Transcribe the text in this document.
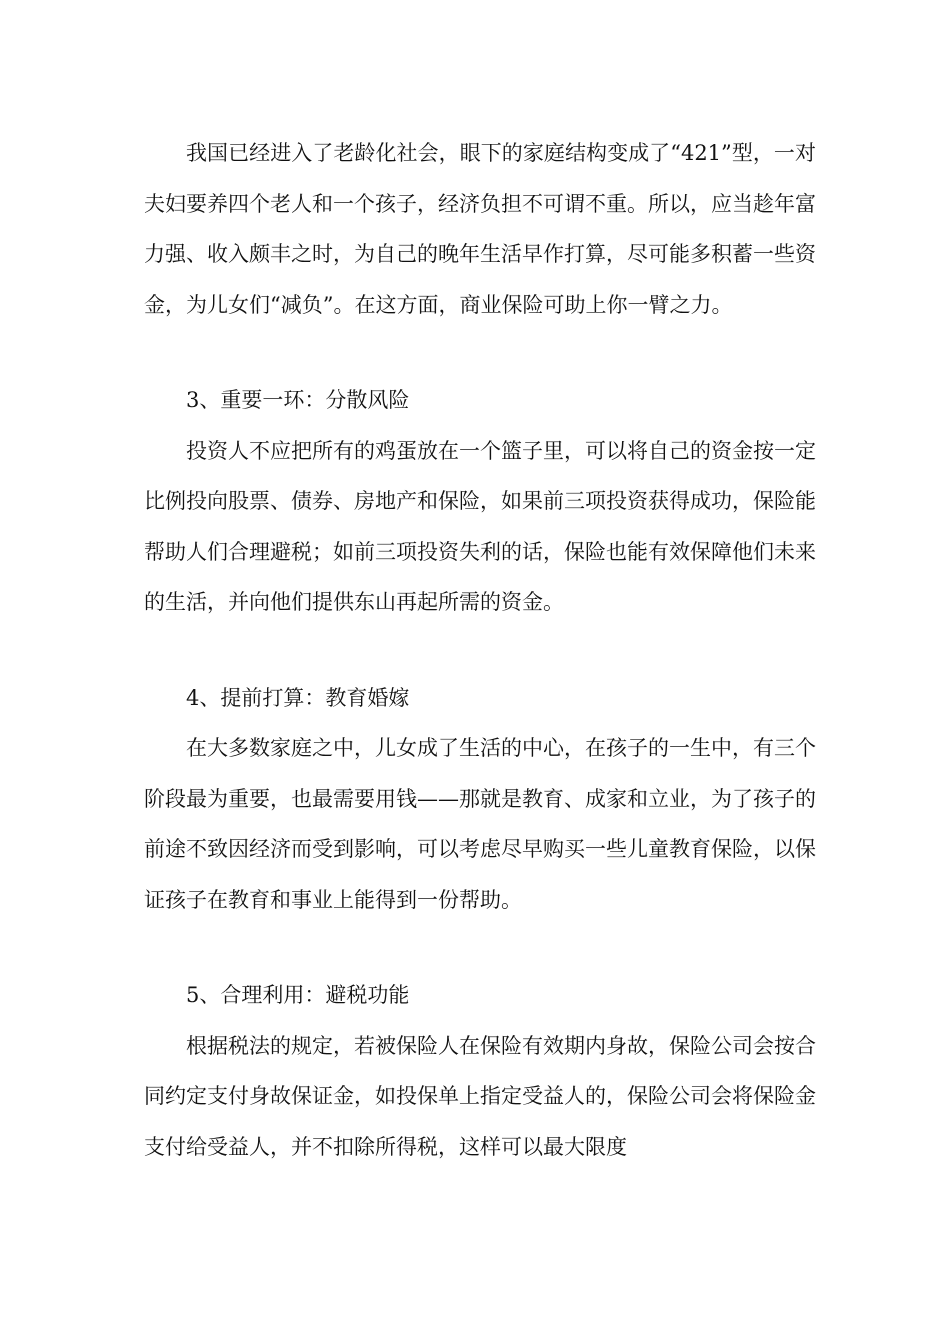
我国已经进入了老龄化社会，眼下的家庭结构变成了“421”型，一对夫妇要养四个老人和一个孩子，经济负担不可谓不重。所以，应当趁年富力强、收入颇丰之时，为自己的晚年生活早作打算，尽可能多积蓄一些资金，为儿女们“减负”。在这方面，商业保险可助上你一臂之力。

3、重要一环：分散风险

投资人不应把所有的鸡蛋放在一个篮子里，可以将自己的资金按一定比例投向股票、债券、房地产和保险，如果前三项投资获得成功，保险能帮助人们合理避税；如前三项投资失利的话，保险也能有效保障他们未来的生活，并向他们提供东山再起所需的资金。

4、提前打算：教育婚嫁

在大多数家庭之中，儿女成了生活的中心，在孩子的一生中，有三个阶段最为重要，也最需要用钱——那就是教育、成家和立业，为了孩子的前途不致因经济而受到影响，可以考虑尽早购买一些儿童教育保险，以保证孩子在教育和事业上能得到一份帮助。

5、合理利用：避税功能

根据税法的规定，若被保险人在保险有效期内身故，保险公司会按合同约定支付身故保证金，如投保单上指定受益人的，保险公司会将保险金支付给受益人，并不扣除所得税，这样可以最大限度
